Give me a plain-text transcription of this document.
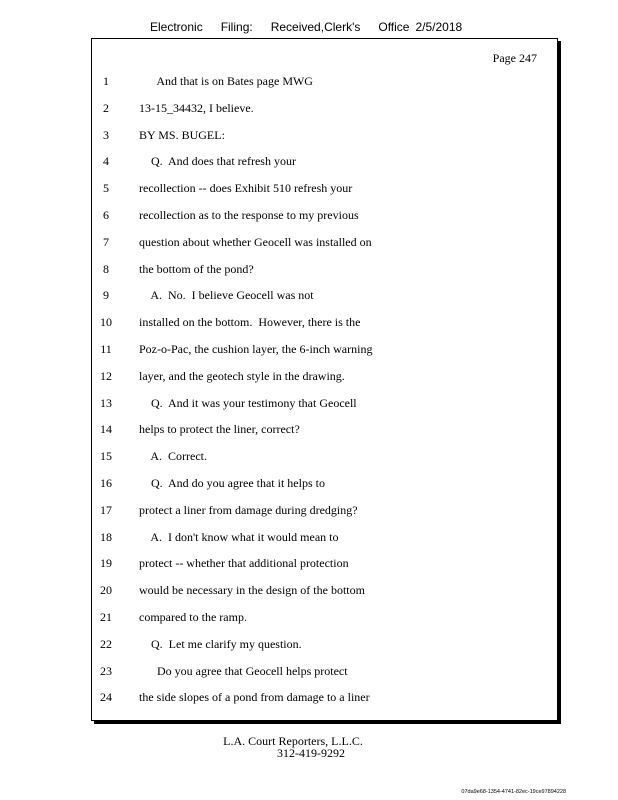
Electronic Filing: Received,Clerk's Office 2/5/2018
Page 247
1	And that is on Bates page MWG
2	13-15_34432, I believe.
3	BY MS. BUGEL:
4	Q.  And does that refresh your
5	recollection -- does Exhibit 510 refresh your
6	recollection as to the response to my previous
7	question about whether Geocell was installed on
8	the bottom of the pond?
9	A.  No.  I believe Geocell was not
10	installed on the bottom.  However, there is the
11	Poz-o-Pac, the cushion layer, the 6-inch warning
12	layer, and the geotech style in the drawing.
13	Q.  And it was your testimony that Geocell
14	helps to protect the liner, correct?
15	A.  Correct.
16	Q.  And do you agree that it helps to
17	protect a liner from damage during dredging?
18	A.  I don't know what it would mean to
19	protect -- whether that additional protection
20	would be necessary in the design of the bottom
21	compared to the ramp.
22	Q.  Let me clarify my question.
23	Do you agree that Geocell helps protect
24	the side slopes of a pond from damage to a liner
L.A. Court Reporters, L.L.C.
312-419-9292
07da9e68-1354-4741-82ec-19ce97894228
